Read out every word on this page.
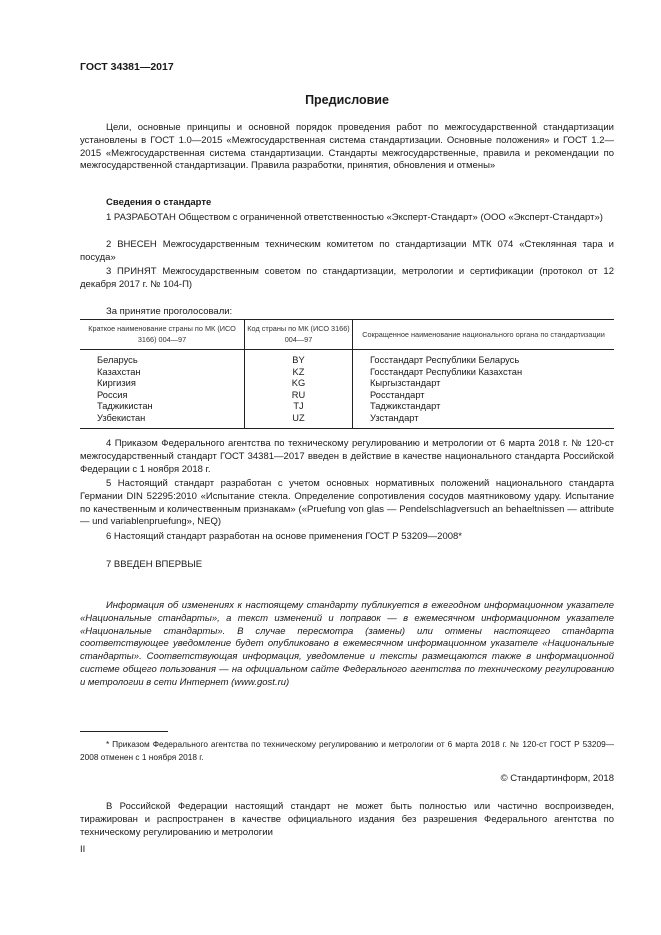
ГОСТ 34381—2017
Предисловие

Цели, основные принципы и основной порядок проведения работ по межгосударственной стандартизации установлены в ГОСТ 1.0—2015 «Межгосударственная система стандартизации. Основные положения» и ГОСТ 1.2—2015 «Межгосударственная система стандартизации. Стандарты межгосударственные, правила и рекомендации по межгосударственной стандартизации. Правила разработки, принятия, обновления и отмены»

Сведения о стандарте

1 РАЗРАБОТАН Обществом с ограниченной ответственностью «Эксперт-Стандарт» (ООО «Эксперт-Стандарт»)

2 ВНЕСЕН Межгосударственным техническим комитетом по стандартизации МТК 074 «Стеклянная тара и посуда»

3 ПРИНЯТ Межгосударственным советом по стандартизации, метрологии и сертификации (протокол от 12 декабря 2017 г. № 104-П)

За принятие проголосовали:

Краткое наименование страны по МК (ИСО 3166) 004—97	Код страны по МК (ИСО 3166) 004—97	Сокращенное наименование национального органа по стандартизации
Беларусь	BY	Госстандарт Республики Беларусь
Казахстан	KZ	Госстандарт Республики Казахстан
Киргизия	KG	Кыргызстандарт
Россия	RU	Росстандарт
Таджикистан	TJ	Таджикстандарт
Узбекистан	UZ	Узстандарт

4 Приказом Федерального агентства по техническому регулированию и метрологии от 6 марта 2018 г. № 120-ст межгосударственный стандарт ГОСТ 34381—2017 введен в действие в качестве национального стандарта Российской Федерации с 1 ноября 2018 г.

5 Настоящий стандарт разработан с учетом основных нормативных положений национального стандарта Германии DIN 52295:2010 «Испытание стекла. Определение сопротивления сосудов маятниковому удару. Испытание по качественным и количественным признакам» («Pruefung von glas — Pendelschlagversuch an behaeltnissen — attribute — und variablenpruefung», NEQ)

6 Настоящий стандарт разработан на основе применения ГОСТ Р 53209—2008*

7 ВВЕДЕН ВПЕРВЫЕ

Информация об изменениях к настоящему стандарту публикуется в ежегодном информационном указателе «Национальные стандарты», а текст изменений и поправок — в ежемесячном информационном указателе «Национальные стандарты». В случае пересмотра (замены) или отмены настоящего стандарта соответствующее уведомление будет опубликовано в ежемесячном информационном указателе «Национальные стандарты». Соответствующая информация, уведомление и тексты размещаются также в информационной системе общего пользования — на официальном сайте Федерального агентства по техническому регулированию и метрологии в сети Интернет (www.gost.ru)

* Приказом Федерального агентства по техническому регулированию и метрологии от 6 марта 2018 г. № 120-ст ГОСТ Р 53209—2008 отменен с 1 ноября 2018 г.

© Стандартинформ, 2018

В Российской Федерации настоящий стандарт не может быть полностью или частично воспроизведен, тиражирован и распространен в качестве официального издания без разрешения Федерального агентства по техническому регулированию и метрологии

II
